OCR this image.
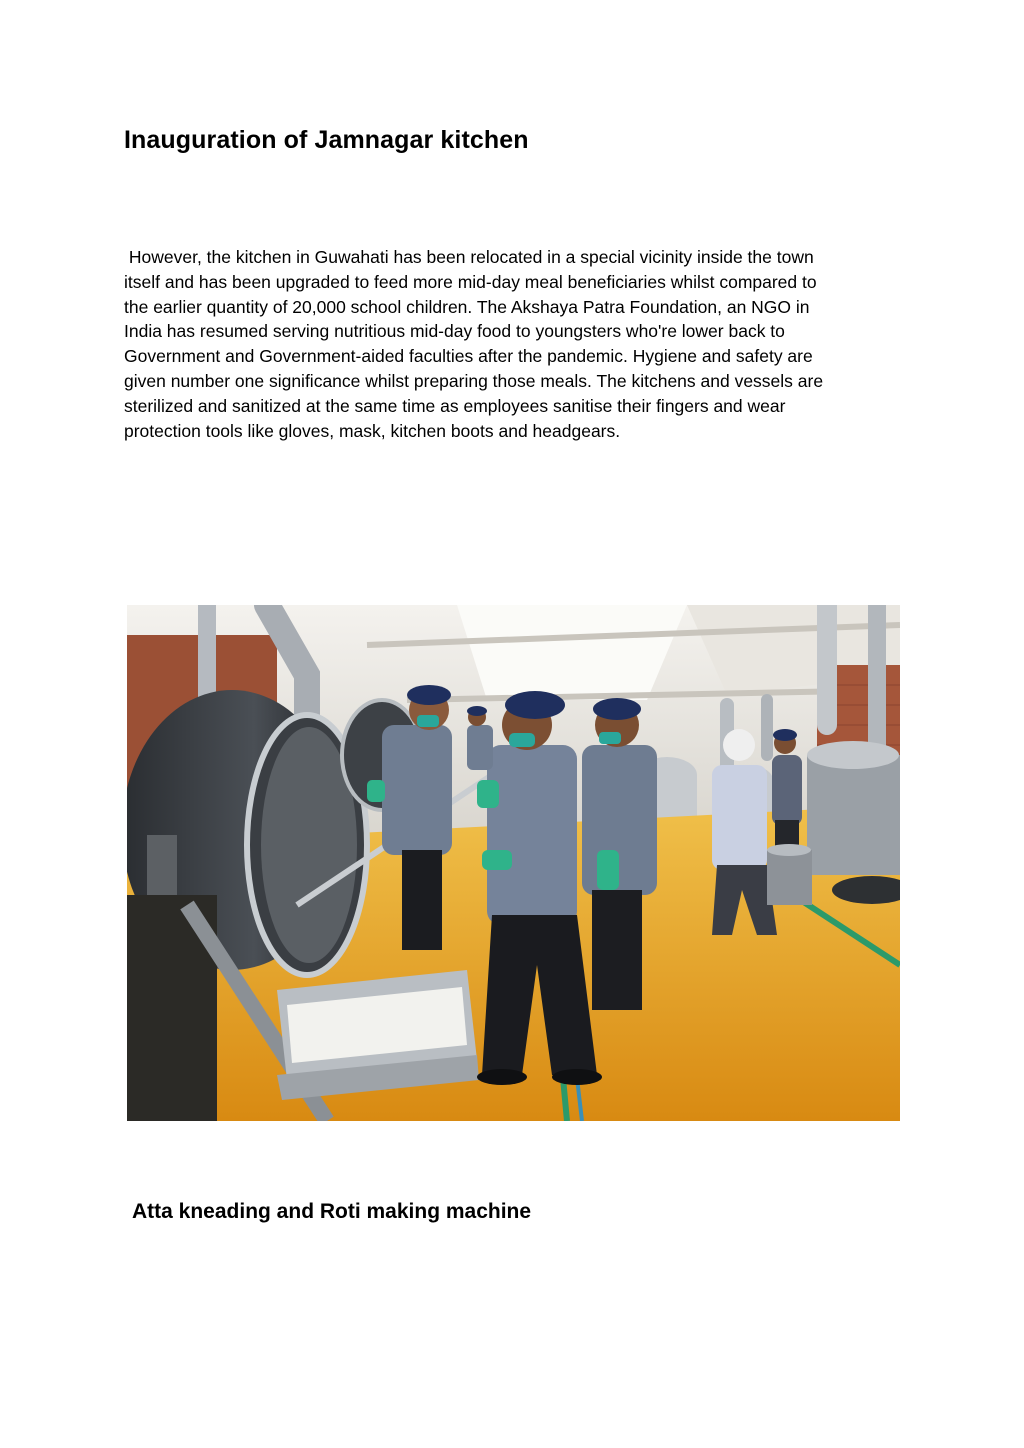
Inauguration of Jamnagar kitchen

However, the kitchen in Guwahati has been relocated in a special vicinity inside the town
itself and has been upgraded to feed more mid-day meal beneficiaries whilst compared to
the earlier quantity of 20,000 school children. The Akshaya Patra Foundation, an NGO in
India has resumed serving nutritious mid-day food to youngsters who're lower back to
Government and Government-aided faculties after the pandemic. Hygiene and safety are
given number one significance whilst preparing those meals. The kitchens and vessels are
sterilized and sanitized at the same time as employees sanitise their fingers and wear
protection tools like gloves, mask, kitchen boots and headgears.

Atta kneading and Roti making machine
